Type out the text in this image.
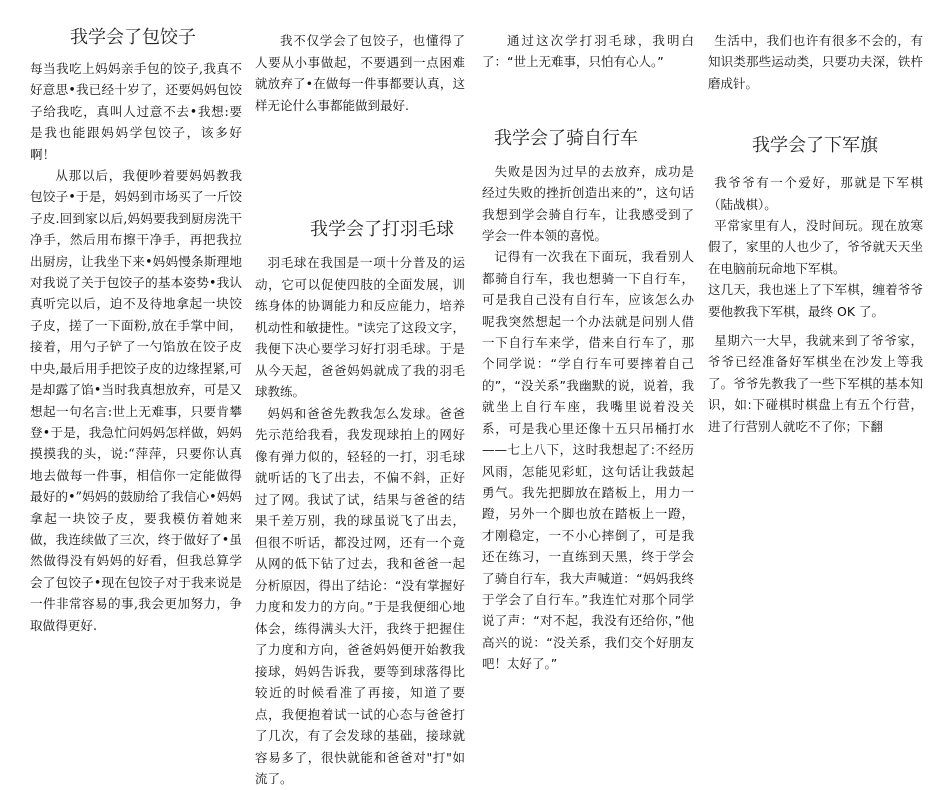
我学会了包饺子

每当我吃上妈妈亲手包的饺子,我真不好意思•我已经十岁了，还要妈妈包饺子给我吃，真叫人过意不去•我想:要是我也能跟妈妈学包饺子，该多好啊！

从那以后，我便吵着要妈妈教我包饺子•于是，妈妈到市场买了一斤饺子皮.回到家以后,妈妈要我到厨房洗干净手，然后用布擦干净手，再把我拉出厨房，让我坐下来•妈妈慢条斯理地对我说了关于包饺子的基本姿势•我认真听完以后，迫不及待地拿起一块饺子皮，搓了一下面粉,放在手掌中间，接着，用勺子铲了一勺馅放在饺子皮中央,最后用手把饺子皮的边缘捏紧,可是却露了馅•当时我真想放弃，可是又想起一句名言:世上无难事，只要肯攀登•于是，我急忙问妈妈怎样做，妈妈摸摸我的头，说:“萍萍，只要你认真地去做每一件事，相信你一定能做得最好的•”妈妈的鼓励给了我信心•妈妈拿起一块饺子皮，要我模仿着她来做，我连续做了三次，终于做好了•虽然做得没有妈妈的好看，但我总算学会了包饺子•现在包饺子对于我来说是一件非常容易的事,我会更加努力，争取做得更好.

我不仅学会了包饺子，也懂得了人要从小事做起，不要遇到一点困难就放弃了•在做每一件事都要认真，这样无论什么事都能做到最好.

我学会了打羽毛球

羽毛球在我国是一项十分普及的运动，它可以促使四肢的全面发展，训练身体的协调能力和反应能力，培养机动性和敏捷性。"读完了这段文字，我便下决心要学习好打羽毛球。于是从今天起，爸爸妈妈就成了我的羽毛球教练。

妈妈和爸爸先教我怎么发球。爸爸先示范给我看，我发现球拍上的网好像有弹力似的，轻轻的一打，羽毛球就听话的飞了出去，不偏不斜，正好过了网。我试了试，结果与爸爸的结果千差万别，我的球虽说飞了出去，但很不听话，都没过网，还有一个竟从网的低下钻了过去，我和爸爸一起分析原因，得出了结论：“没有掌握好力度和发力的方向。”于是我便细心地体会，练得满头大汗，我终于把握住了力度和方向，爸爸妈妈便开始教我接球，妈妈告诉我，要等到球落得比较近的时候看准了再接，知道了要点，我便抱着试一试的心态与爸爸打了几次，有了会发球的基础，接球就容易多了，很快就能和爸爸对"打"如流了。

通过这次学打羽毛球，我明白了：“世上无难事，只怕有心人。”

我学会了骑自行车

失败是因为过早的去放弃，成功是经过失败的挫折创造出来的”，这句话我想到学会骑自行车，让我感受到了学会一件本领的喜悦。

记得有一次我在下面玩，我看别人都骑自行车，我也想骑一下自行车，可是我自己没有自行车，应该怎么办呢我突然想起一个办法就是问别人借一下自行车来学，借来自行车了，那个同学说：“学自行车可要摔着自己的”，“没关系”我幽默的说，说着，我就坐上自行车座，我嘴里说着没关系，可是我心里还像十五只吊桶打水——七上八下，这时我想起了:不经历风雨，怎能见彩虹，这句话让我鼓起勇气。我先把脚放在踏板上，用力一蹬，另外一个脚也放在踏板上一蹬，才刚稳定，一不小心摔倒了，可是我还在练习，一直练到天黑，终于学会了骑自行车，我大声喊道：“妈妈我终于学会了自行车。”我连忙对那个同学说了声：“对不起，我没有还给你，”他高兴的说：“没关系，我们交个好朋友吧！太好了。”

生活中，我们也许有很多不会的，有知识类那些运动类，只要功夫深，铁杵磨成针。

我学会了下军旗

我爷爷有一个爱好，那就是下军棋（陆战棋）。

平常家里有人，没时间玩。现在放寒假了，家里的人也少了，爷爷就天天坐在电脑前玩命地下军棋。

这几天，我也迷上了下军棋，缠着爷爷要他教我下军棋，最终 OK 了。

星期六一大早，我就来到了爷爷家，爷爷已经准备好军棋坐在沙发上等我了。爷爷先教我了一些下军棋的基本知识，如:下碰棋时棋盘上有五个行营，进了行营别人就吃不了你；下翻
